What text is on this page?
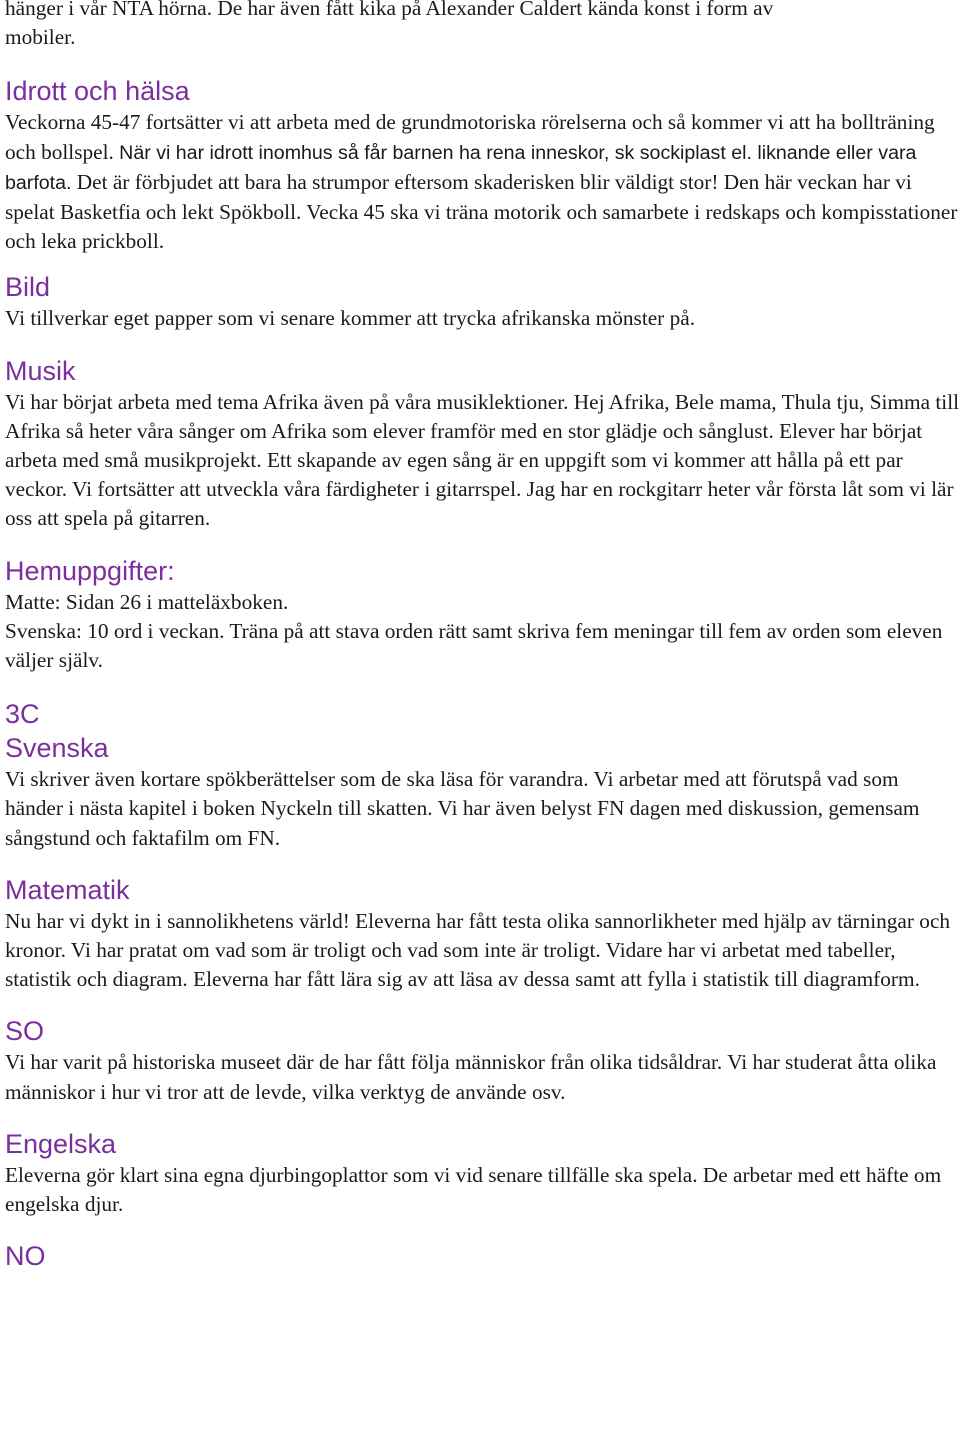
hänger i vår NTA hörna. De har även fått kika på Alexander Caldert kända konst i form av
mobiler.

Idrott och hälsa

Veckorna 45-47 fortsätter vi att arbeta med de grundmotoriska rörelserna och så kommer vi att ha bollträning och bollspel. När vi har idrott inomhus så får barnen ha rena inneskor, sk sockiplast el. liknande eller vara barfota. Det är förbjudet att bara ha strumpor eftersom skaderisken blir väldigt stor! Den här veckan har vi spelat Basketfia och lekt Spökboll. Vecka 45 ska vi träna motorik och samarbete i redskaps och kompisstationer och leka prickboll.

Bild

Vi tillverkar eget papper som vi senare kommer att trycka afrikanska mönster på.

Musik

Vi har börjat arbeta med tema Afrika även på våra musiklektioner. Hej Afrika, Bele mama, Thula tju, Simma till Afrika så heter våra sånger om Afrika som elever framför med en stor glädje och sånglust. Elever har börjat arbeta med små musikprojekt. Ett skapande av egen sång är en uppgift som vi kommer att hålla på ett par veckor. Vi fortsätter att utveckla våra färdigheter i gitarrspel. Jag har en rockgitarr heter vår första låt som vi lär oss att spela på gitarren.

Hemuppgifter:

Matte: Sidan 26 i matteläxboken.
Svenska: 10 ord i veckan. Träna på att stava orden rätt samt skriva fem meningar till fem av orden som eleven väljer själv.

3C
Svenska

Vi skriver även kortare spökberättelser som de ska läsa för varandra. Vi arbetar med att förutspå vad som händer i nästa kapitel i boken Nyckeln till skatten. Vi har även belyst FN dagen med diskussion, gemensam sångstund och faktafilm om FN.

Matematik

Nu har vi dykt in i sannolikhetens värld! Eleverna har fått testa olika sannorlikheter med hjälp av tärningar och kronor. Vi har pratat om vad som är troligt och vad som inte är troligt. Vidare har vi arbetat med tabeller, statistik och diagram. Eleverna har fått lära sig av att läsa av dessa samt att fylla i statistik till diagramform.

SO

Vi har varit på historiska museet där de har fått följa människor från olika tidsåldrar. Vi har studerat åtta olika människor i hur vi tror att de levde, vilka verktyg de använde osv.

Engelska

Eleverna gör klart sina egna djurbingoplattor som vi vid senare tillfälle ska spela. De arbetar med ett häfte om engelska djur.

NO
